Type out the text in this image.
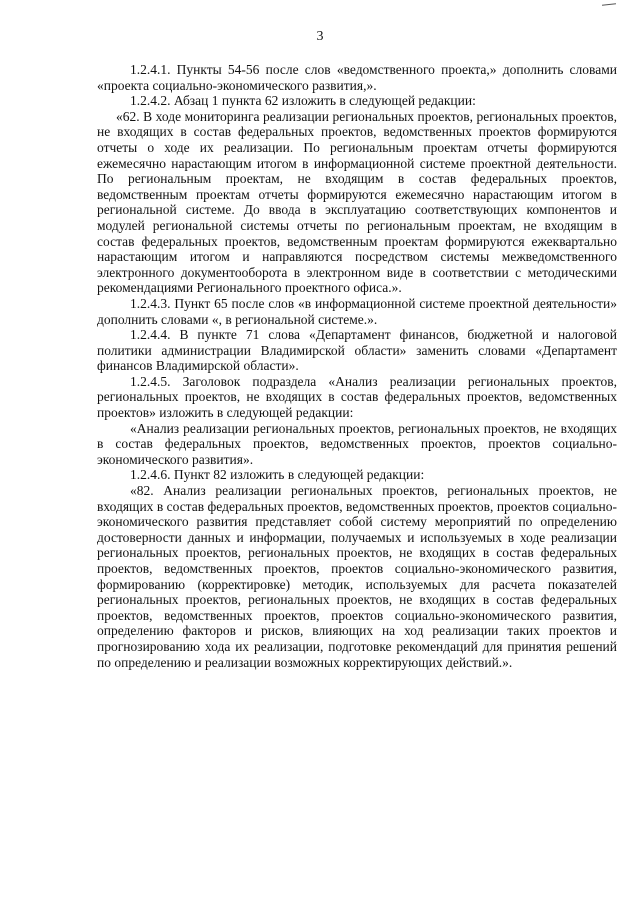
3

1.2.4.1. Пункты 54-56 после слов «ведомственного проекта,» дополнить словами «проекта социально-экономического развития,».

1.2.4.2. Абзац 1 пункта 62 изложить в следующей редакции:

«62. В ходе мониторинга реализации региональных проектов, региональных проектов, не входящих в состав федеральных проектов, ведомственных проектов формируются отчеты о ходе их реализации. По региональным проектам отчеты формируются ежемесячно нарастающим итогом в информационной системе проектной деятельности. По региональным проектам, не входящим в состав федеральных проектов, ведомственным проектам отчеты формируются ежемесячно нарастающим итогом в региональной системе. До ввода в эксплуатацию соответствующих компонентов и модулей региональной системы отчеты по региональным проектам, не входящим в состав федеральных проектов, ведомственным проектам формируются ежеквартально нарастающим итогом и направляются посредством системы межведомственного электронного документооборота в электронном виде в соответствии с методическими рекомендациями Регионального проектного офиса.».

1.2.4.3. Пункт 65 после слов «в информационной системе проектной деятельности» дополнить словами «, в региональной системе.».

1.2.4.4. В пункте 71 слова «Департамент финансов, бюджетной и налоговой политики администрации Владимирской области» заменить словами «Департамент финансов Владимирской области».

1.2.4.5. Заголовок подраздела «Анализ реализации региональных проектов, региональных проектов, не входящих в состав федеральных проектов, ведомственных проектов» изложить в следующей редакции:

«Анализ реализации региональных проектов, региональных проектов, не входящих в состав федеральных проектов, ведомственных проектов, проектов социально-экономического развития».

1.2.4.6. Пункт 82 изложить в следующей редакции:

«82. Анализ реализации региональных проектов, региональных проектов, не входящих в состав федеральных проектов, ведомственных проектов, проектов социально-экономического развития представляет собой систему мероприятий по определению достоверности данных и информации, получаемых и используемых в ходе реализации региональных проектов, региональных проектов, не входящих в состав федеральных проектов, ведомственных проектов, проектов социально-экономического развития, формированию (корректировке) методик, используемых для расчета показателей региональных проектов, региональных проектов, не входящих в состав федеральных проектов, ведомственных проектов, проектов социально-экономического развития, определению факторов и рисков, влияющих на ход реализации таких проектов и прогнозированию хода их реализации, подготовке рекомендаций для принятия решений по определению и реализации возможных корректирующих действий.».
